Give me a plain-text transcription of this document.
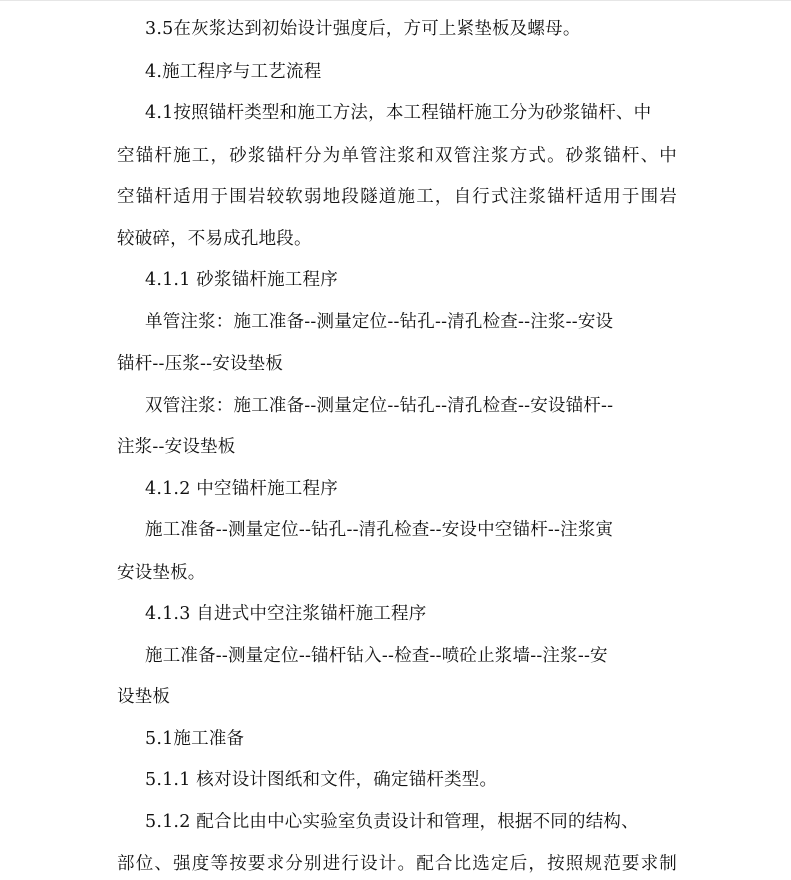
3.5在灰浆达到初始设计强度后，方可上紧垫板及螺母。
4.施工程序与工艺流程
4.1按照锚杆类型和施工方法，本工程锚杆施工分为砂浆锚杆、中
空锚杆施工，砂浆锚杆分为单管注浆和双管注浆方式。砂浆锚杆、中
空锚杆适用于围岩较软弱地段隧道施工，自行式注浆锚杆适用于围岩
较破碎，不易成孔地段。
4.1.1 砂浆锚杆施工程序
单管注浆：施工准备--测量定位--钻孔--清孔检查--注浆--安设
锚杆--压浆--安设垫板
双管注浆：施工准备--测量定位--钻孔--清孔检查--安设锚杆--
注浆--安设垫板
4.1.2 中空锚杆施工程序
施工准备--测量定位--钻孔--清孔检查--安设中空锚杆--注浆寅
安设垫板。
4.1.3 自进式中空注浆锚杆施工程序
施工准备--测量定位--锚杆钻入--检查--喷砼止浆墙--注浆--安
设垫板
5.1施工准备
5.1.1 核对设计图纸和文件，确定锚杆类型。
5.1.2 配合比由中心实验室负责设计和管理，根据不同的结构、
部位、强度等按要求分别进行设计。配合比选定后，按照规范要求制
